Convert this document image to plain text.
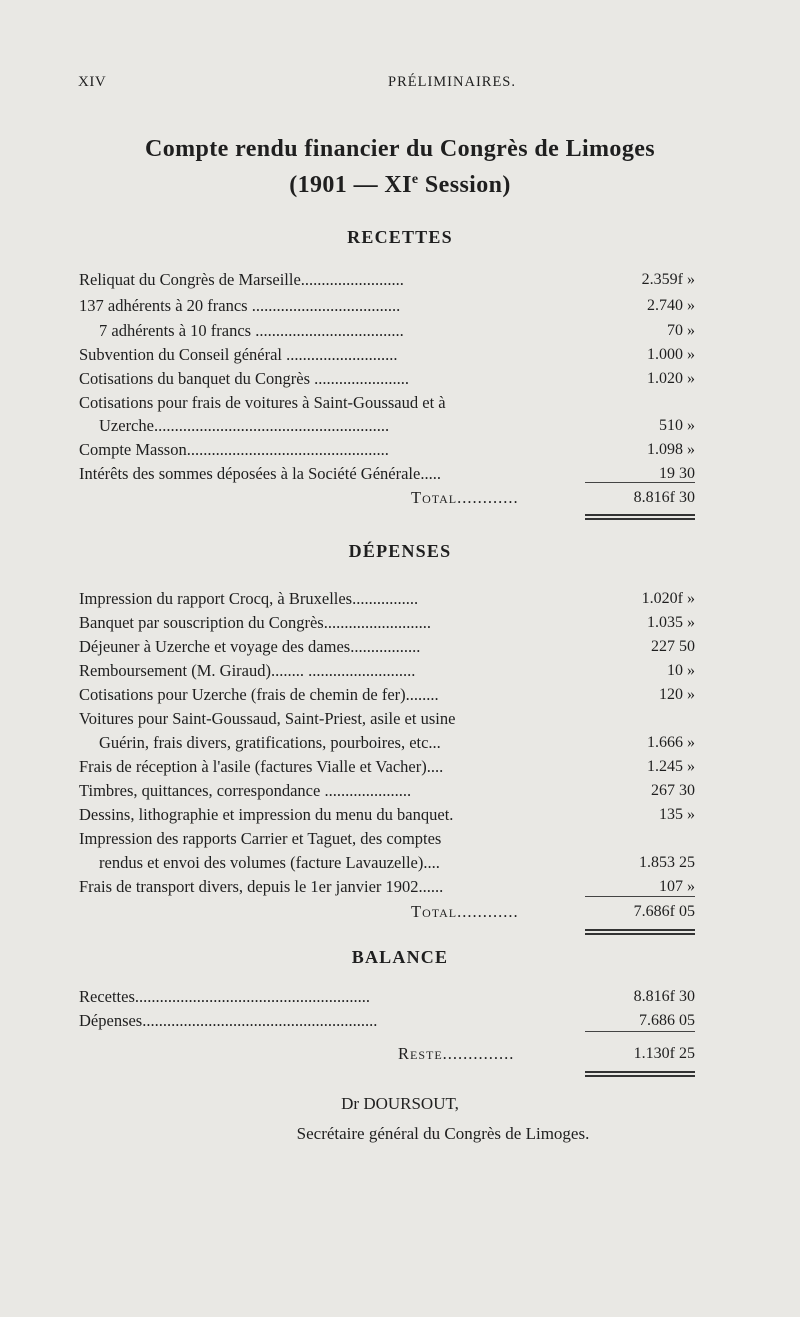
XIV	PRÉLIMINAIRES.
Compte rendu financier du Congrès de Limoges
(1901 — XIe Session)
RECETTES
Reliquat du Congrès de Marseille.........................	2.359f »
137 adhérents à 20 francs ....................................	2.740 »
7 adhérents à 10 francs ....................................	70 »
Subvention du Conseil général ...........................	1.000 »
Cotisations du banquet du Congrès .......................	1.020 »
Cotisations pour frais de voitures à Saint-Goussaud et à
Uzerche.........................................................	510 »
Compte Masson.................................................	1.098 »
Intérêts des sommes déposées à la Société Générale.....	19 30
Total............	8.816f 30
DÉPENSES
Impression du rapport Crocq, à Bruxelles................	1.020f »
Banquet par souscription du Congrès..........................	1.035 »
Déjeuner à Uzerche et voyage des dames.................	227 50
Remboursement (M. Giraud)........ ..........................	10 »
Cotisations pour Uzerche (frais de chemin de fer)........	120 »
Voitures pour Saint-Goussaud, Saint-Priest, asile et usine
Guérin, frais divers, gratifications, pourboires, etc...	1.666 »
Frais de réception à l'asile (factures Vialle et Vacher)....	1.245 »
Timbres, quittances, correspondance .....................	267 30
Dessins, lithographie et impression du menu du banquet.	135 »
Impression des rapports Carrier et Taguet, des comptes
rendus et envoi des volumes (facture Lavauzelle)....	1.853 25
Frais de transport divers, depuis le 1er janvier 1902......	107 »
Total............	7.686f 05
BALANCE
Recettes.........................................................	8.816f 30
Dépenses.........................................................	7.686 05
Reste..............	1.130f 25
Dr DOURSOUT,
Secrétaire général du Congrès de Limoges.
